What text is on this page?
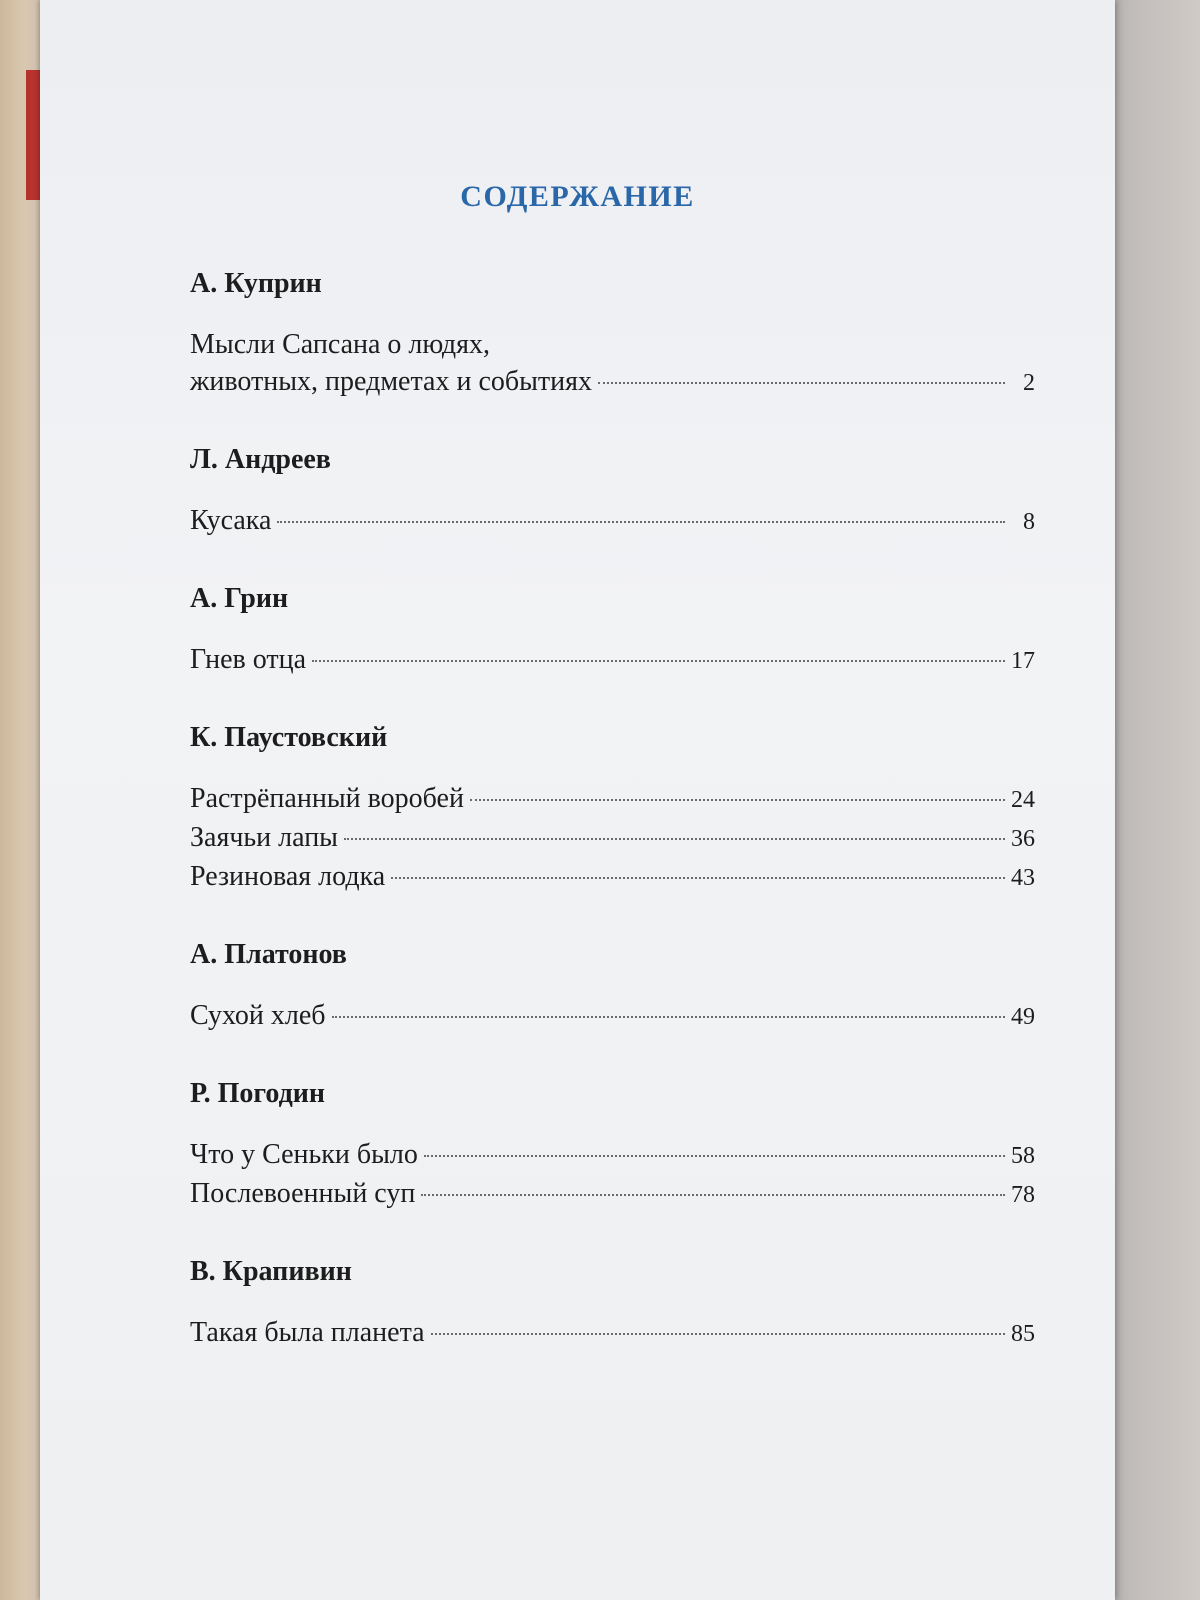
СОДЕРЖАНИЕ
А. Куприн
Мысли Сапсана о людях,
животных, предметах и событиях	2
Л. Андреев
Кусака	8
А. Грин
Гнев отца	17
К. Паустовский
Растрёпанный воробей	24
Заячьи лапы	36
Резиновая лодка	43
А. Платонов
Сухой хлеб	49
Р. Погодин
Что у Сеньки было	58
Послевоенный суп	78
В. Крапивин
Такая была планета	85
